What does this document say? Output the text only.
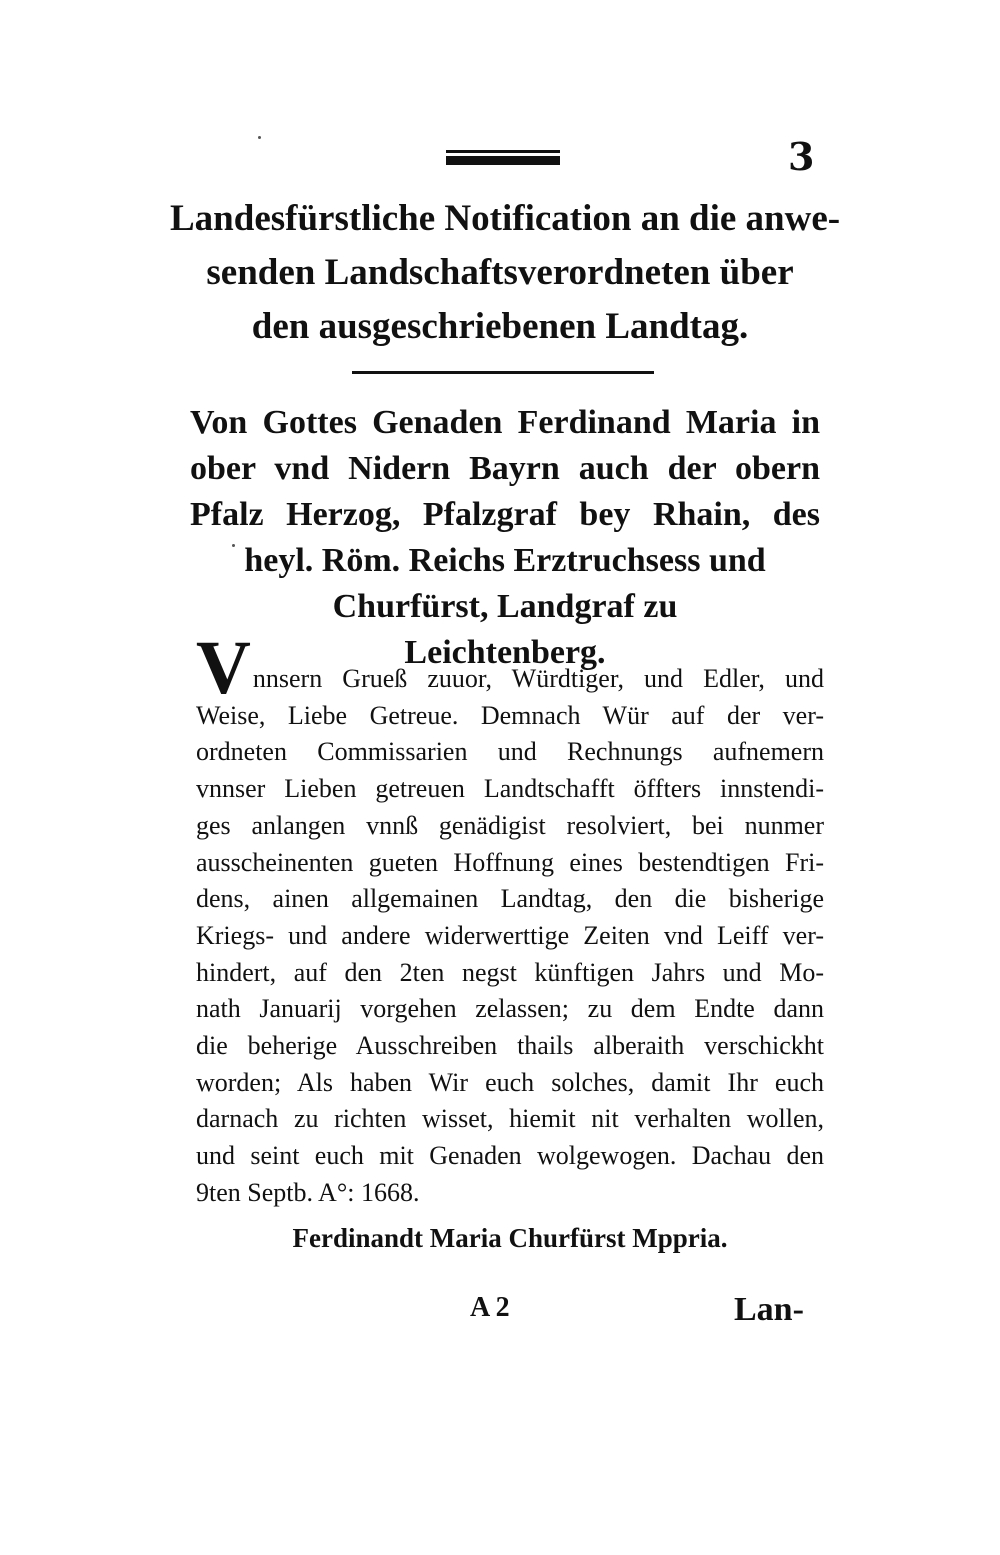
3
Landesfürstliche Notification an die anwe-
senden Landschaftsverordneten über
den ausgeschriebenen Landtag.
Von Gottes Genaden Ferdinand Maria in
ober vnd Nidern Bayrn auch der obern
Pfalz Herzog, Pfalzgraf bey Rhain, des
heyl. Röm. Reichs Erztruchsess und
Churfürst, Landgraf zu
Leichtenberg.
Vnnsern Grueß zuuor, Würdtiger, und Edler, und
Weise, Liebe Getreue. Demnach Wür auf der ver-
ordneten Commissarien und Rechnungs aufnemern
vnnser Lieben getreuen Landtschafft öffters innstendi-
ges anlangen vnnß genädigist resolviert, bei nunmer
ausscheinenten gueten Hoffnung eines bestendtigen Fri-
dens, ainen allgemainen Landtag, den die bisherige
Kriegs- und andere widerwerttige Zeiten vnd Leiff ver-
hindert, auf den 2ten negst künftigen Jahrs und Mo-
nath Januarij vorgehen zelassen; zu dem Endte dann
die beherige Ausschreiben thails alberaith verschickht
worden; Als haben Wir euch solches, damit Ihr euch
darnach zu richten wisset, hiemit nit verhalten wollen,
und seint euch mit Genaden wolgewogen. Dachau den
9ten Septb. A°: 1668.
Ferdinandt Maria Churfürst Mppria.
A 2	Lan-
